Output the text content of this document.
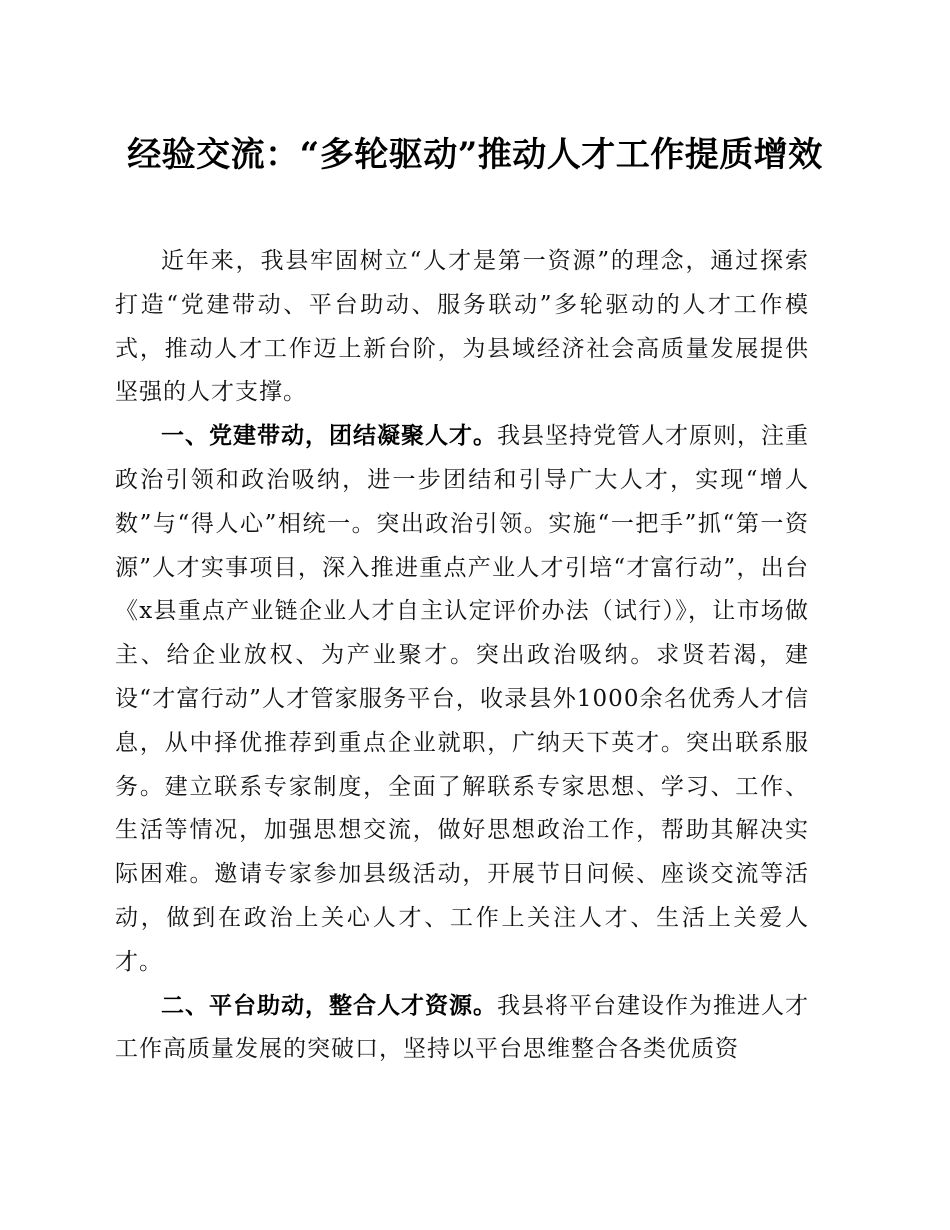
经验交流：“多轮驱动”推动人才工作提质增效

近年来，我县牢固树立“人才是第一资源”的理念，通过探索打造“党建带动、平台助动、服务联动”多轮驱动的人才工作模式，推动人才工作迈上新台阶，为县域经济社会高质量发展提供坚强的人才支撑。

一、党建带动，团结凝聚人才。我县坚持党管人才原则，注重政治引领和政治吸纳，进一步团结和引导广大人才，实现“增人数”与“得人心”相统一。突出政治引领。实施“一把手”抓“第一资源”人才实事项目，深入推进重点产业人才引培“才富行动”，出台《x县重点产业链企业人才自主认定评价办法（试行）》，让市场做主、给企业放权、为产业聚才。突出政治吸纳。求贤若渴，建设“才富行动”人才管家服务平台，收录县外1000余名优秀人才信息，从中择优推荐到重点企业就职，广纳天下英才。突出联系服务。建立联系专家制度，全面了解联系专家思想、学习、工作、生活等情况，加强思想交流，做好思想政治工作，帮助其解决实际困难。邀请专家参加县级活动，开展节日问候、座谈交流等活动，做到在政治上关心人才、工作上关注人才、生活上关爱人才。

二、平台助动，整合人才资源。我县将平台建设作为推进人才工作高质量发展的突破口，坚持以平台思维整合各类优质资
